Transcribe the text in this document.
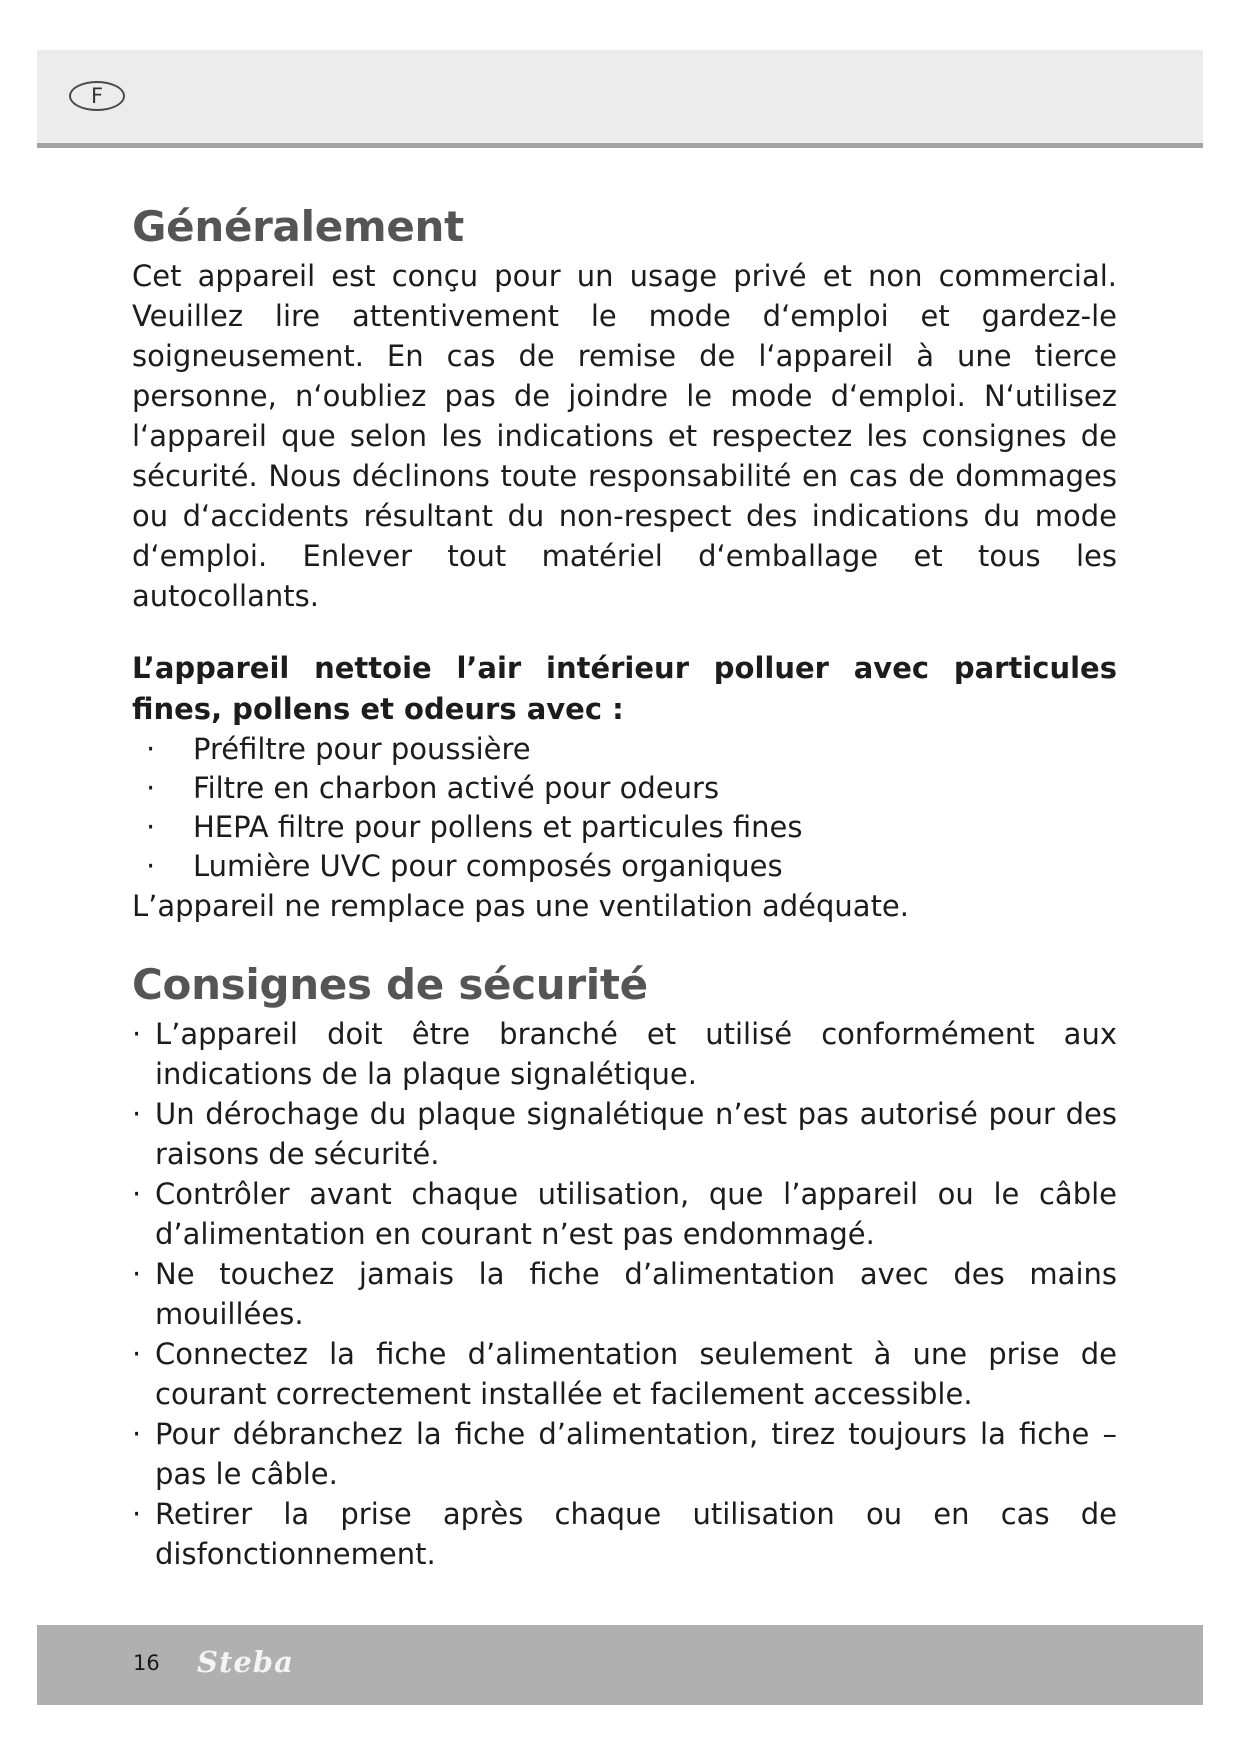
F
Généralement

Cet appareil est conçu pour un usage privé et non commercial. Veuillez lire attentivement le mode d‘emploi et gardez-le soigneusement. En cas de remise de l‘appareil à une tierce personne, n‘oubliez pas de joindre le mode d‘emploi. N‘utilisez l‘appareil que selon les indications et respectez les consignes de sécurité. Nous déclinons toute responsabilité en cas de dommages ou d‘accidents résultant du non-respect des indications du mode d‘emploi. Enlever tout matériel d‘emballage et tous les autocollants.

L’appareil nettoie l’air intérieur polluer avec particules fines, pollens et odeurs avec :

· Préfiltre pour poussière
· Filtre en charbon activé pour odeurs
· HEPA filtre pour pollens et particules fines
· Lumière UVC pour composés organiques

L’appareil ne remplace pas une ventilation adéquate.

Consignes de sécurité
· L’appareil doit être branché et utilisé conformément aux indications de la plaque signalétique.
· Un dérochage du plaque signalétique n’est pas autorisé pour des raisons de sécurité.
· Contrôler avant chaque utilisation, que l’appareil ou le câble d’alimentation en courant n’est pas endommagé.
· Ne touchez jamais la fiche d’alimentation avec des mains mouillées.
· Connectez la fiche d’alimentation seulement à une prise de courant correctement installée et facilement accessible.
· Pour débranchez la fiche d’alimentation, tirez toujours la fiche – pas le câble.
· Retirer la prise après chaque utilisation ou en cas de disfonctionnement.
16 Steba
